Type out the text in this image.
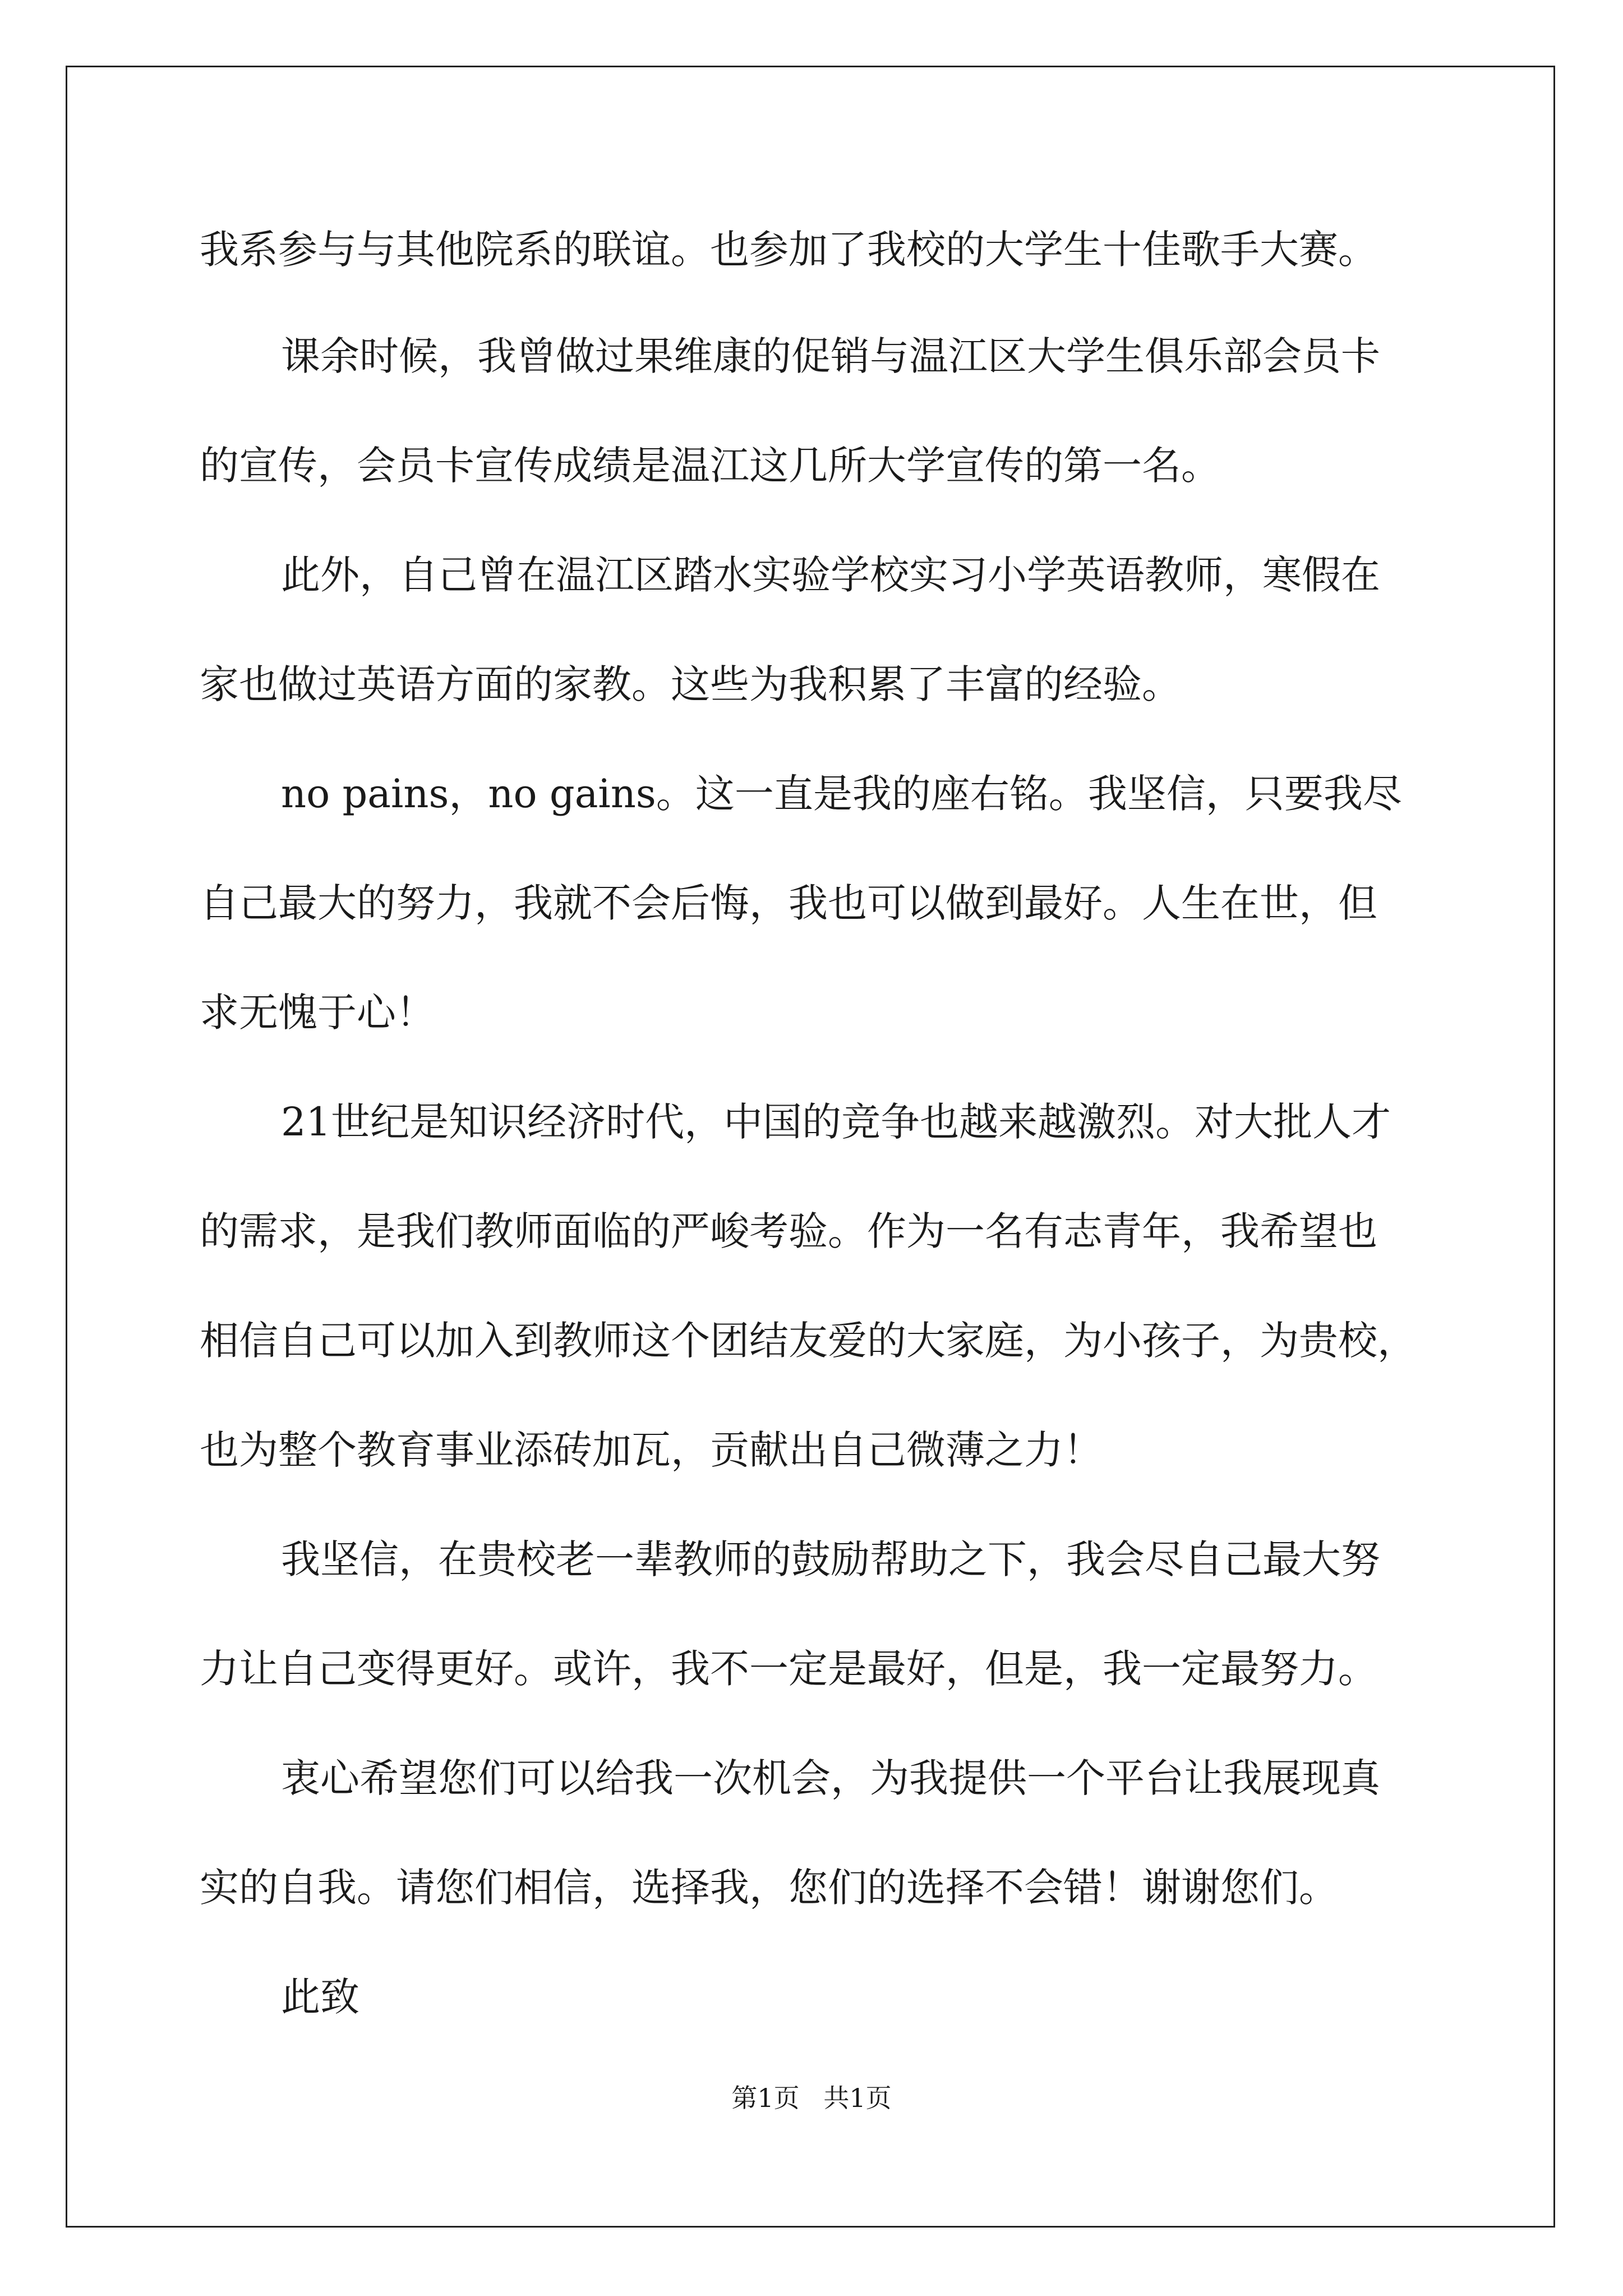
我系参与与其他院系的联谊。也参加了我校的大学生十佳歌手大赛。
课余时候，我曾做过果维康的促销与温江区大学生俱乐部会员卡
的宣传，会员卡宣传成绩是温江这几所大学宣传的第一名。
此外，自己曾在温江区踏水实验学校实习小学英语教师，寒假在
家也做过英语方面的家教。这些为我积累了丰富的经验。
no pains，no gains。这一直是我的座右铭。我坚信，只要我尽
自己最大的努力，我就不会后悔，我也可以做到最好。人生在世，但
求无愧于心！
21世纪是知识经济时代，中国的竞争也越来越激烈。对大批人才
的需求，是我们教师面临的严峻考验。作为一名有志青年，我希望也
相信自己可以加入到教师这个团结友爱的大家庭，为小孩子，为贵校，
也为整个教育事业添砖加瓦，贡献出自己微薄之力！
我坚信，在贵校老一辈教师的鼓励帮助之下，我会尽自己最大努
力让自己变得更好。或许，我不一定是最好，但是，我一定最努力。
衷心希望您们可以给我一次机会，为我提供一个平台让我展现真
实的自我。请您们相信，选择我，您们的选择不会错！谢谢您们。
此致
第1页 共1页
